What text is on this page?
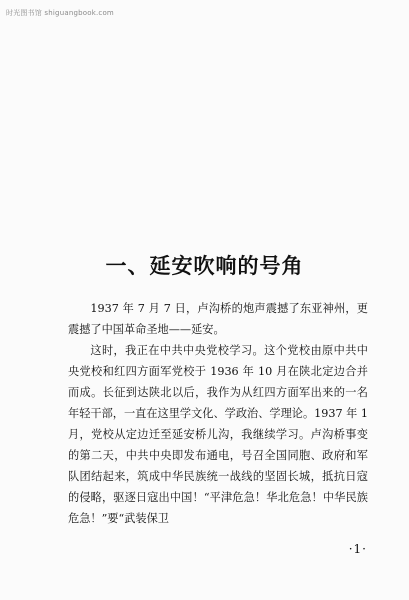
时光图书馆 shiguangbook.com
一、延安吹响的号角

1937 年 7 月 7 日，卢沟桥的炮声震撼了东亚神州，更震撼了中国革命圣地——延安。

这时，我正在中共中央党校学习。这个党校由原中共中央党校和红四方面军党校于 1936 年 10 月在陕北定边合并而成。长征到达陕北以后，我作为从红四方面军出来的一名年轻干部，一直在这里学文化、学政治、学理论。1937 年 1 月，党校从定边迁至延安桥儿沟，我继续学习。卢沟桥事变的第二天，中共中央即发布通电，号召全国同胞、政府和军队团结起来，筑成中华民族统一战线的坚固长城，抵抗日寇的侵略，驱逐日寇出中国！“平津危急！华北危急！中华民族危急！”要“武装保卫

·1·
